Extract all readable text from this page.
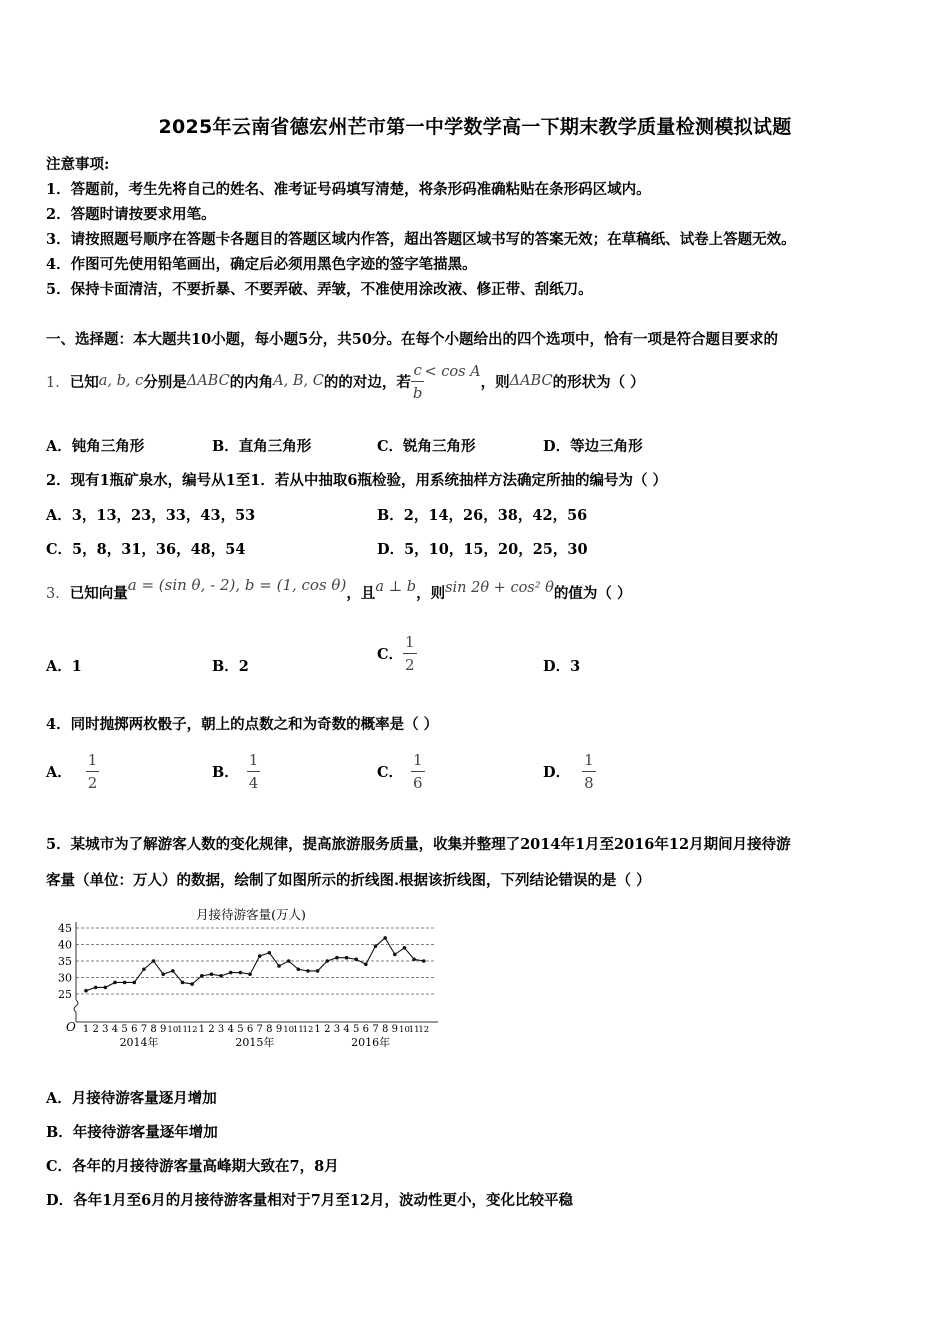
2025年云南省德宏州芒市第一中学数学高一下期末教学质量检测模拟试题
注意事项:
1．答题前，考生先将自己的姓名、准考证号码填写清楚，将条形码准确粘贴在条形码区域内。
2．答题时请按要求用笔。
3．请按照题号顺序在答题卡各题目的答题区域内作答，超出答题区域书写的答案无效；在草稿纸、试卷上答题无效。
4．作图可先使用铅笔画出，确定后必须用黑色字迹的签字笔描黑。
5．保持卡面清洁，不要折暴、不要弄破、弄皱，不准使用涂改液、修正带、刮纸刀。
一、选择题：本大题共10小题，每小题5分，共50分。在每个小题给出的四个选项中，恰有一项是符合题目要求的
1． 已知 a, b, c 分别是 ΔABC 的内角 A, B, C 的的对边，若 $\frac{c}{b} < \cos A$
，则 ΔABC 的形状为（ ）
A．钝角三角形	B．直角三角形	C．锐角三角形	D．等边三角形
2．现有1瓶矿泉水，编号从1至1．若从中抽取6瓶检验，用系统抽样方法确定所抽的编号为（ ）
A．3，13，23，33，43，53	B．2，14，26，38，42，56
C．5，8，31，36，48，54	D．5，10，15，20，25，30
3． 已知向量 a = (sin θ, - 2), b = (1, cos θ) ，且 a ⊥ b ，则 sin 2θ + cos² θ 的值为（ ）
A．1	B．2
C． $\frac{1}{2}$	D．3
4．同时抛掷两枚骰子，朝上的点数之和为奇数的概率是（ ）
A． $\frac{1}{2}$	B． $\frac{1}{4}$	C． $\frac{1}{6}$	D． $\frac{1}{8}$
5．某城市为了解游客人数的变化规律，提高旅游服务质量，收集并整理了2014年1月至2016年12月期间月接待游
客量（单位：万人）的数据，绘制了如图所示的折线图.根据该折线图，下列结论错误的是（ ）
月接待游客量(万人)
25
30
35
40
45
O 1 2 3 4 5 6 7 8 9 10
11
12 1 2 3 4 5 6 7 8 9 10
11
12 1 2 3 4 5 6 7 8 9 10
11
12
2014年	2015年	2016年
A．月接待游客量逐月增加
B．年接待游客量逐年增加
C．各年的月接待游客量高峰期大致在7，8月
D．各年1月至6月的月接待游客量相对于7月至12月，波动性更小，变化比较平稳
